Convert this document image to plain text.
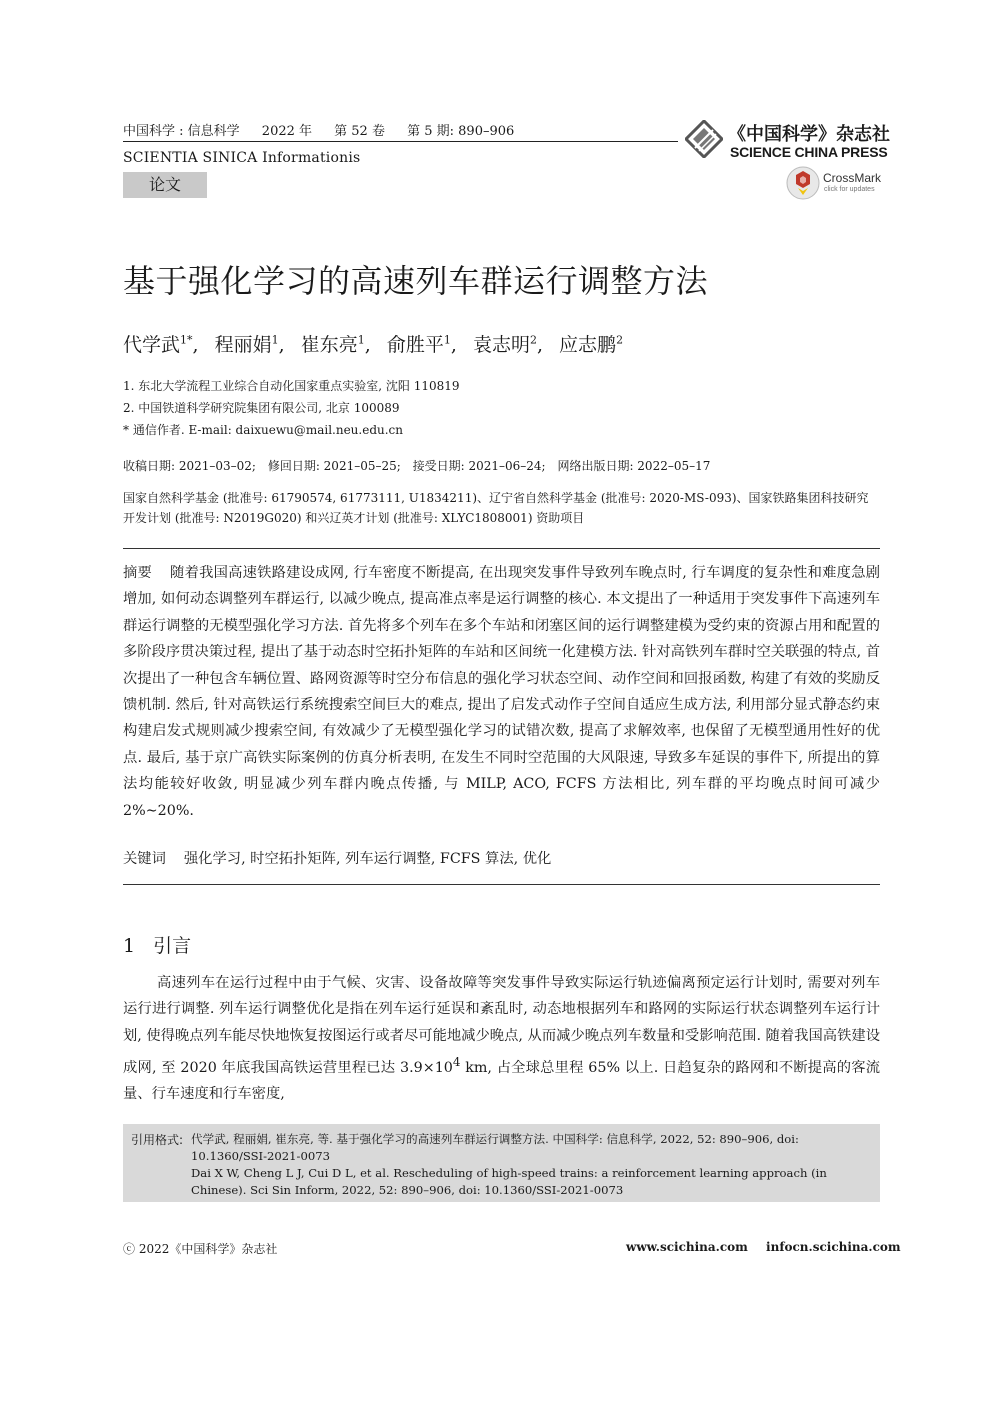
中国科学 : 信息科学 2022 年 第 52 卷 第 5 期: 890–906
SCIENTIA SINICA Informationis
论文
《中国科学》杂志社
SCIENCE CHINA PRESS
CrossMark
click for updates
基于强化学习的高速列车群运行调整方法
代学武$^{1*}$, 程丽娟$^1$, 崔东亮$^1$, 俞胜平$^1$, 袁志明$^2$, 应志鹏$^2$
1. 东北大学流程工业综合自动化国家重点实验室, 沈阳 110819
2. 中国铁道科学研究院集团有限公司, 北京 100089
* 通信作者. E-mail: daixuewu@mail.neu.edu.cn
收稿日期: 2021–03–02; 修回日期: 2021–05–25; 接受日期: 2021–06–24; 网络出版日期: 2022–05–17
国家自然科学基金 (批准号: 61790574, 61773111, U1834211)、辽宁省自然科学基金 (批准号: 2020-MS-093)、国家铁路集团科技研究开发计划 (批准号: N2019G020) 和兴辽英才计划 (批准号: XLYC1808001) 资助项目
摘要 随着我国高速铁路建设成网, 行车密度不断提高, 在出现突发事件导致列车晚点时, 行车调度的复杂性和难度急剧增加, 如何动态调整列车群运行, 以减少晚点, 提高准点率是运行调整的核心. 本文提出了一种适用于突发事件下高速列车群运行调整的无模型强化学习方法. 首先将多个列车在多个车站和闭塞区间的运行调整建模为受约束的资源占用和配置的多阶段序贯决策过程, 提出了基于动态时空拓扑矩阵的车站和区间统一化建模方法. 针对高铁列车群时空关联强的特点, 首次提出了一种包含车辆位置、路网资源等时空分布信息的强化学习状态空间、动作空间和回报函数, 构建了有效的奖励反馈机制. 然后, 针对高铁运行系统搜索空间巨大的难点, 提出了启发式动作子空间自适应生成方法, 利用部分显式静态约束构建启发式规则减少搜索空间, 有效减少了无模型强化学习的试错次数, 提高了求解效率, 也保留了无模型通用性好的优点. 最后, 基于京广高铁实际案例的仿真分析表明, 在发生不同时空范围的大风限速, 导致多车延误的事件下, 所提出的算法均能较好收敛, 明显减少列车群内晚点传播, 与 MILP, ACO, FCFS 方法相比, 列车群的平均晚点时间可减少 2%∼20%.
关键词 强化学习, 时空拓扑矩阵, 列车运行调整, FCFS 算法, 优化
1 引言
高速列车在运行过程中由于气候、灾害、设备故障等突发事件导致实际运行轨迹偏离预定运行计划时, 需要对列车运行进行调整. 列车运行调整优化是指在列车运行延误和紊乱时, 动态地根据列车和路网的实际运行状态调整列车运行计划, 使得晚点列车能尽快地恢复按图运行或者尽可能地减少晚点, 从而减少晚点列车数量和受影响范围. 随着我国高铁建设成网, 至 2020 年底我国高铁运营里程已达 $3.9\times 10^4$ km, 占全球总里程 65% 以上. 日趋复杂的路网和不断提高的客流量、行车速度和行车密度,
引用格式: 代学武, 程丽娟, 崔东亮, 等. 基于强化学习的高速列车群运行调整方法. 中国科学: 信息科学, 2022, 52: 890–906, doi: 10.1360/SSI-2021-0073
Dai X W, Cheng L J, Cui D L, et al. Rescheduling of high-speed trains: a reinforcement learning approach (in Chinese). Sci Sin Inform, 2022, 52: 890–906, doi: 10.1360/SSI-2021-0073
ⓒ 2022《中国科学》杂志社	www.scichina.com infocn.scichina.com
